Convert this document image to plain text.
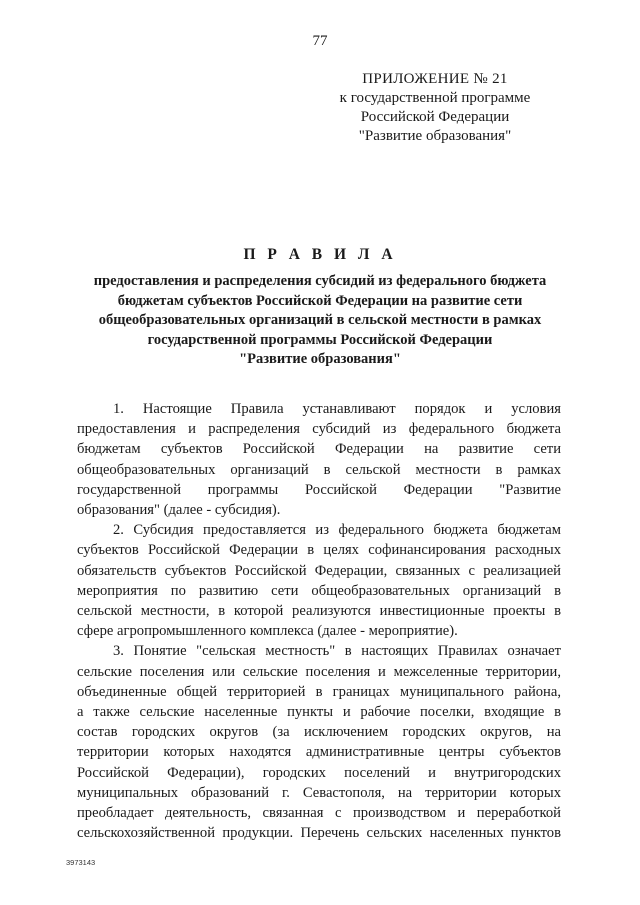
77
ПРИЛОЖЕНИЕ № 21
к государственной программе
Российской Федерации
"Развитие образования"
П Р А В И Л А
предоставления и распределения субсидий из федерального бюджета
бюджетам субъектов Российской Федерации на развитие сети
общеобразовательных организаций в сельской местности в рамках
государственной программы Российской Федерации
"Развитие образования"
1. Настоящие Правила устанавливают порядок и условия
предоставления и распределения субсидий из федерального бюджета
бюджетам субъектов Российской Федерации на развитие сети
общеобразовательных организаций в сельской местности в рамках
государственной программы Российской Федерации "Развитие
образования" (далее - субсидия).
2. Субсидия предоставляется из федерального бюджета бюджетам
субъектов Российской Федерации в целях софинансирования расходных
обязательств субъектов Российской Федерации, связанных с реализацией
мероприятия по развитию сети общеобразовательных организаций в
сельской местности, в которой реализуются инвестиционные проекты в
сфере агропромышленного комплекса (далее - мероприятие).
3. Понятие "сельская местность" в настоящих Правилах означает
сельские поселения или сельские поселения и межселенные территории,
объединенные общей территорией в границах муниципального района,
а также сельские населенные пункты и рабочие поселки, входящие в
состав городских округов (за исключением городских округов, на
территории которых находятся административные центры субъектов
Российской Федерации), городских поселений и внутригородских
муниципальных образований г. Севастополя, на территории которых
преобладает деятельность, связанная с производством и переработкой
сельскохозяйственной продукции. Перечень сельских населенных пунктов
3973143
